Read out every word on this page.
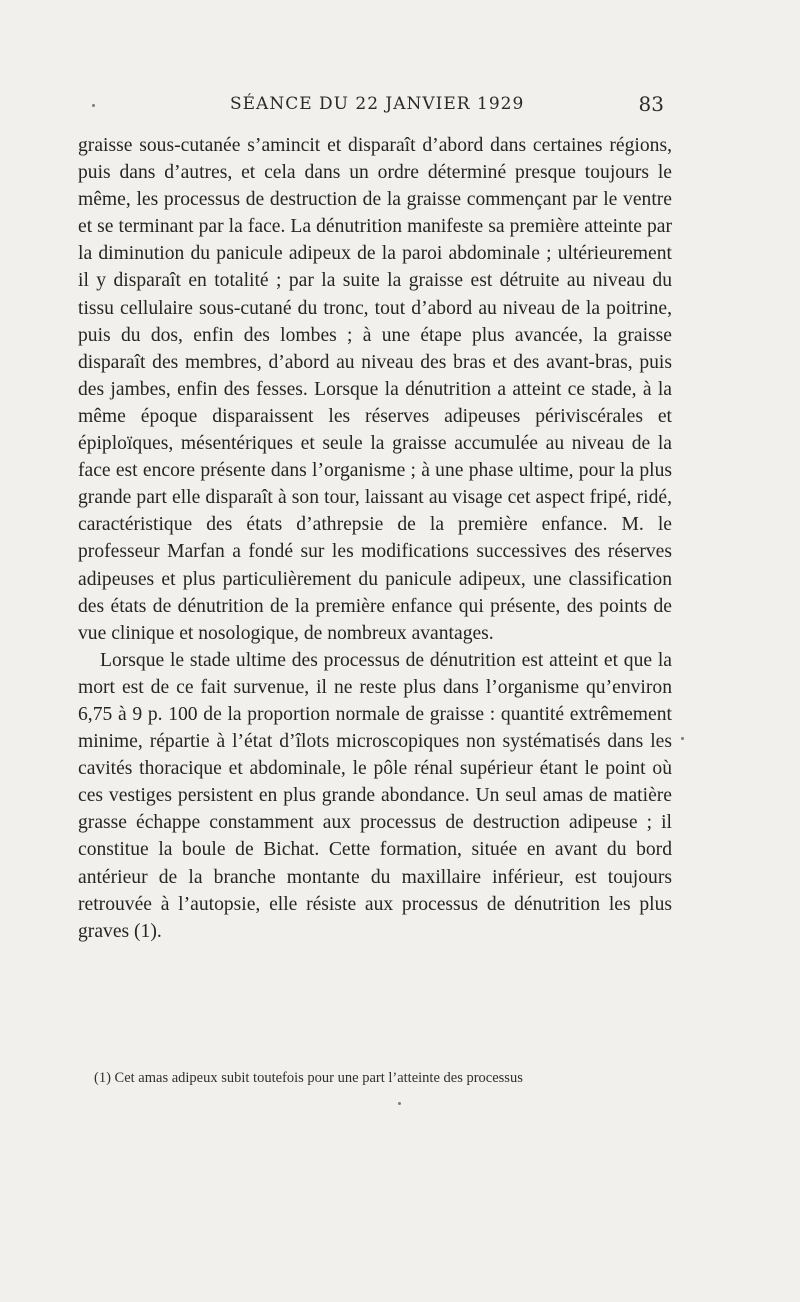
SÉANCE DU 22 JANVIER 1929	83

graisse sous-cutanée s’amincit et disparaît d’abord dans certaines régions, puis dans d’autres, et cela dans un ordre déterminé presque toujours le même, les processus de destruction de la graisse commençant par le ventre et se terminant par la face. La dénutrition manifeste sa première atteinte par la diminution du panicule adipeux de la paroi abdominale ; ultérieurement il y disparaît en totalité ; par la suite la graisse est détruite au niveau du tissu cellulaire sous-cutané du tronc, tout d’abord au niveau de la poitrine, puis du dos, enfin des lombes ; à une étape plus avancée, la graisse disparaît des membres, d’abord au niveau des bras et des avant-bras, puis des jambes, enfin des fesses. Lorsque la dénutrition a atteint ce stade, à la même époque disparaissent les réserves adipeuses périviscérales et épiploïques, mésentériques et seule la graisse accumulée au niveau de la face est encore présente dans l’organisme ; à une phase ultime, pour la plus grande part elle disparaît à son tour, laissant au visage cet aspect fripé, ridé, caractéristique des états d’athrepsie de la première enfance. M. le professeur Marfan a fondé sur les modifications successives des réserves adipeuses et plus particulièrement du panicule adipeux, une classification des états de dénutrition de la première enfance qui présente, des points de vue clinique et nosologique, de nombreux avantages.

Lorsque le stade ultime des processus de dénutrition est atteint et que la mort est de ce fait survenue, il ne reste plus dans l’organisme qu’environ 6,75 à 9 p. 100 de la proportion normale de graisse : quantité extrêmement minime, répartie à l’état d’îlots microscopiques non systématisés dans les cavités thoracique et abdominale, le pôle rénal supérieur étant le point où ces vestiges persistent en plus grande abondance. Un seul amas de matière grasse échappe constamment aux processus de destruction adipeuse ; il constitue la boule de Bichat. Cette formation, située en avant du bord antérieur de la branche montante du maxillaire inférieur, est toujours retrouvée à l’autopsie, elle résiste aux processus de dénutrition les plus graves (1).

(1) Cet amas adipeux subit toutefois pour une part l’atteinte des processus
